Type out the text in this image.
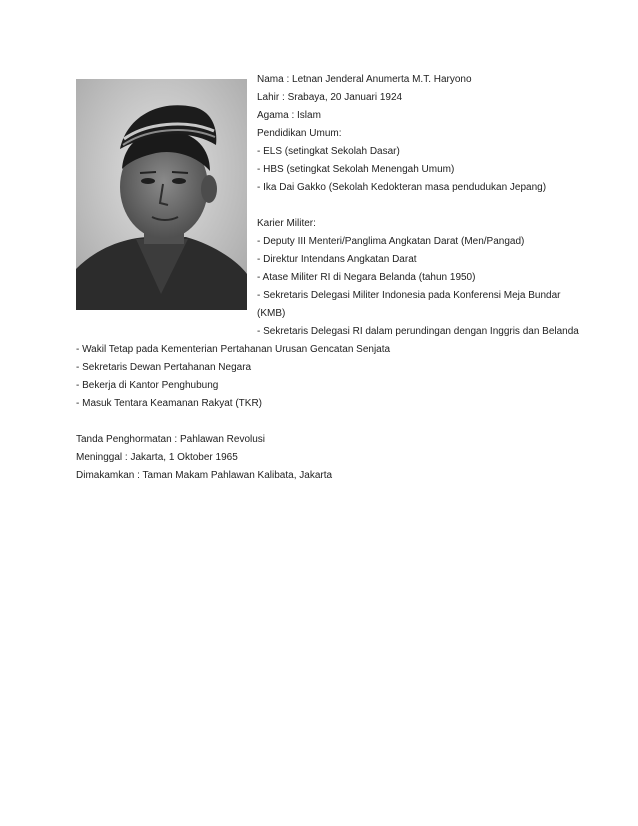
Nama : Letnan Jenderal Anumerta M.T. Haryono
Lahir : Srabaya, 20 Januari 1924
Agama : Islam
Pendidikan Umum:
- ELS (setingkat Sekolah Dasar)
- HBS (setingkat Sekolah Menengah Umum)
- Ika Dai Gakko (Sekolah Kedokteran masa pendudukan Jepang)
Karier Militer:
- Deputy III Menteri/Panglima Angkatan Darat (Men/Pangad)
- Direktur Intendans Angkatan Darat
- Atase Militer RI di Negara Belanda (tahun 1950)
- Sekretaris Delegasi Militer Indonesia pada Konferensi Meja Bundar
(KMB)
- Sekretaris Delegasi RI dalam perundingan dengan Inggris dan Belanda
- Wakil Tetap pada Kementerian Pertahanan Urusan Gencatan Senjata
- Sekretaris Dewan Pertahanan Negara
- Bekerja di Kantor Penghubung
- Masuk Tentara Keamanan Rakyat (TKR)
Tanda Penghormatan : Pahlawan Revolusi
Meninggal : Jakarta, 1 Oktober 1965
Dimakamkan : Taman Makam Pahlawan Kalibata, Jakarta
